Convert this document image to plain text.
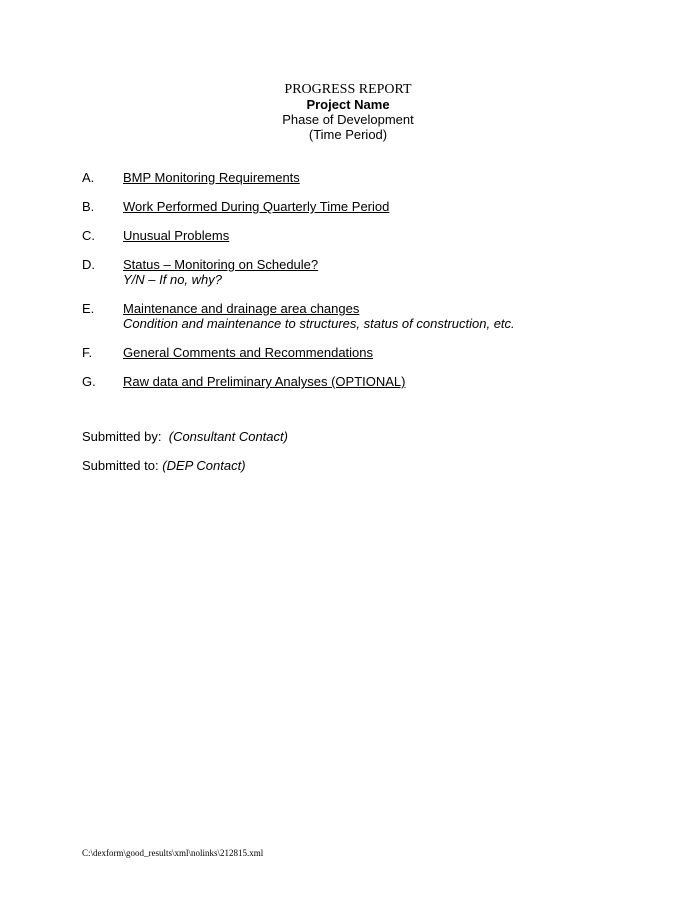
PROGRESS REPORT
Project Name
Phase of Development
(Time Period)
A. BMP Monitoring Requirements
B. Work Performed During Quarterly Time Period
C. Unusual Problems
D. Status – Monitoring on Schedule?
Y/N – If no, why?
E. Maintenance and drainage area changes
Condition and maintenance to structures, status of construction, etc.
F. General Comments and Recommendations
G. Raw data and Preliminary Analyses (OPTIONAL)
Submitted by: (Consultant Contact)
Submitted to: (DEP Contact)
C:\dexform\good_results\xml\nolinks\212815.xml
